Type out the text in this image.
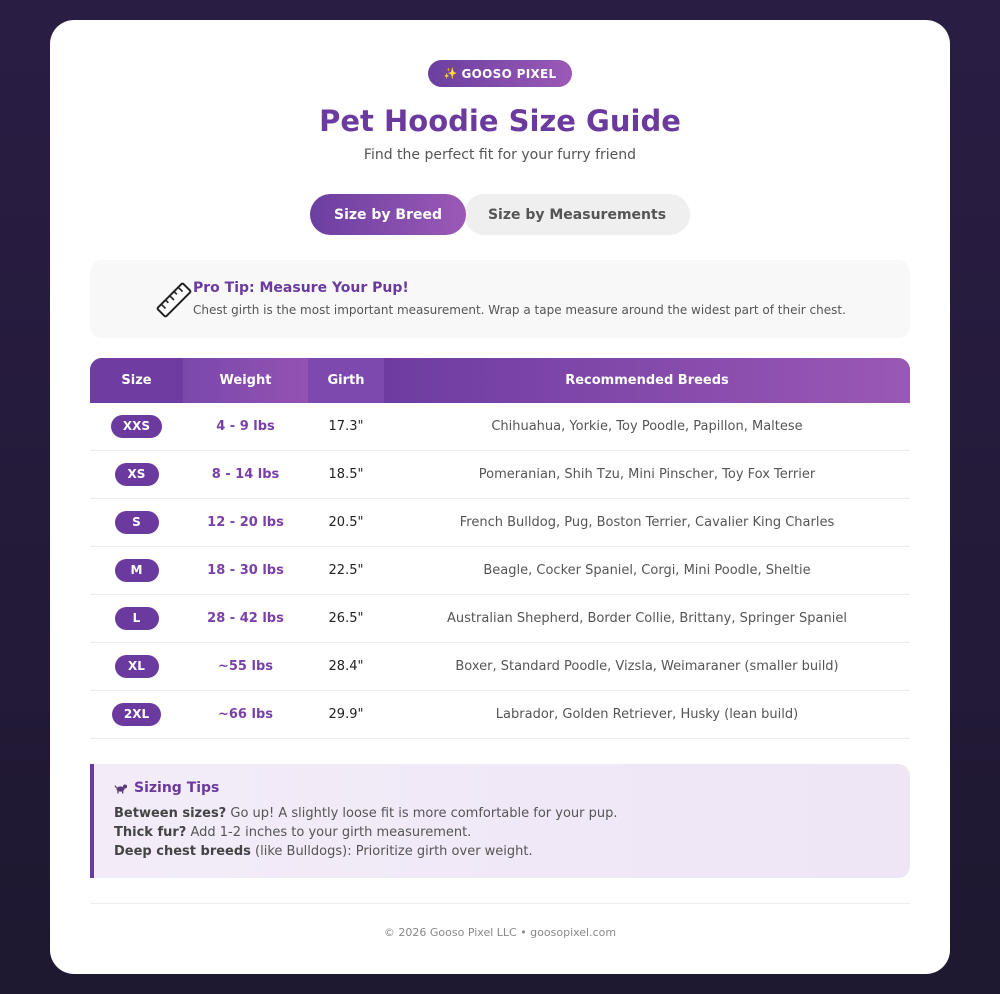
✨ GOOSO PIXEL
Pet Hoodie Size Guide
Find the perfect fit for your furry friend
Size by Breed	Size by Measurements
Pro Tip: Measure Your Pup!
Chest girth is the most important measurement. Wrap a tape measure around the widest part of their chest.
Size	Weight	Girth	Recommended Breeds
XXS	4 - 9 lbs	17.3"	Chihuahua, Yorkie, Toy Poodle, Papillon, Maltese
XS	8 - 14 lbs	18.5"	Pomeranian, Shih Tzu, Mini Pinscher, Toy Fox Terrier
S	12 - 20 lbs	20.5"	French Bulldog, Pug, Boston Terrier, Cavalier King Charles
M	18 - 30 lbs	22.5"	Beagle, Cocker Spaniel, Corgi, Mini Poodle, Sheltie
L	28 - 42 lbs	26.5"	Australian Shepherd, Border Collie, Brittany, Springer Spaniel
XL	~55 lbs	28.4"	Boxer, Standard Poodle, Vizsla, Weimaraner (smaller build)
2XL	~66 lbs	29.9"	Labrador, Golden Retriever, Husky (lean build)
Sizing Tips
Between sizes? Go up! A slightly loose fit is more comfortable for your pup.
Thick fur? Add 1-2 inches to your girth measurement.
Deep chest breeds (like Bulldogs): Prioritize girth over weight.
© 2026 Gooso Pixel LLC • goosopixel.com
